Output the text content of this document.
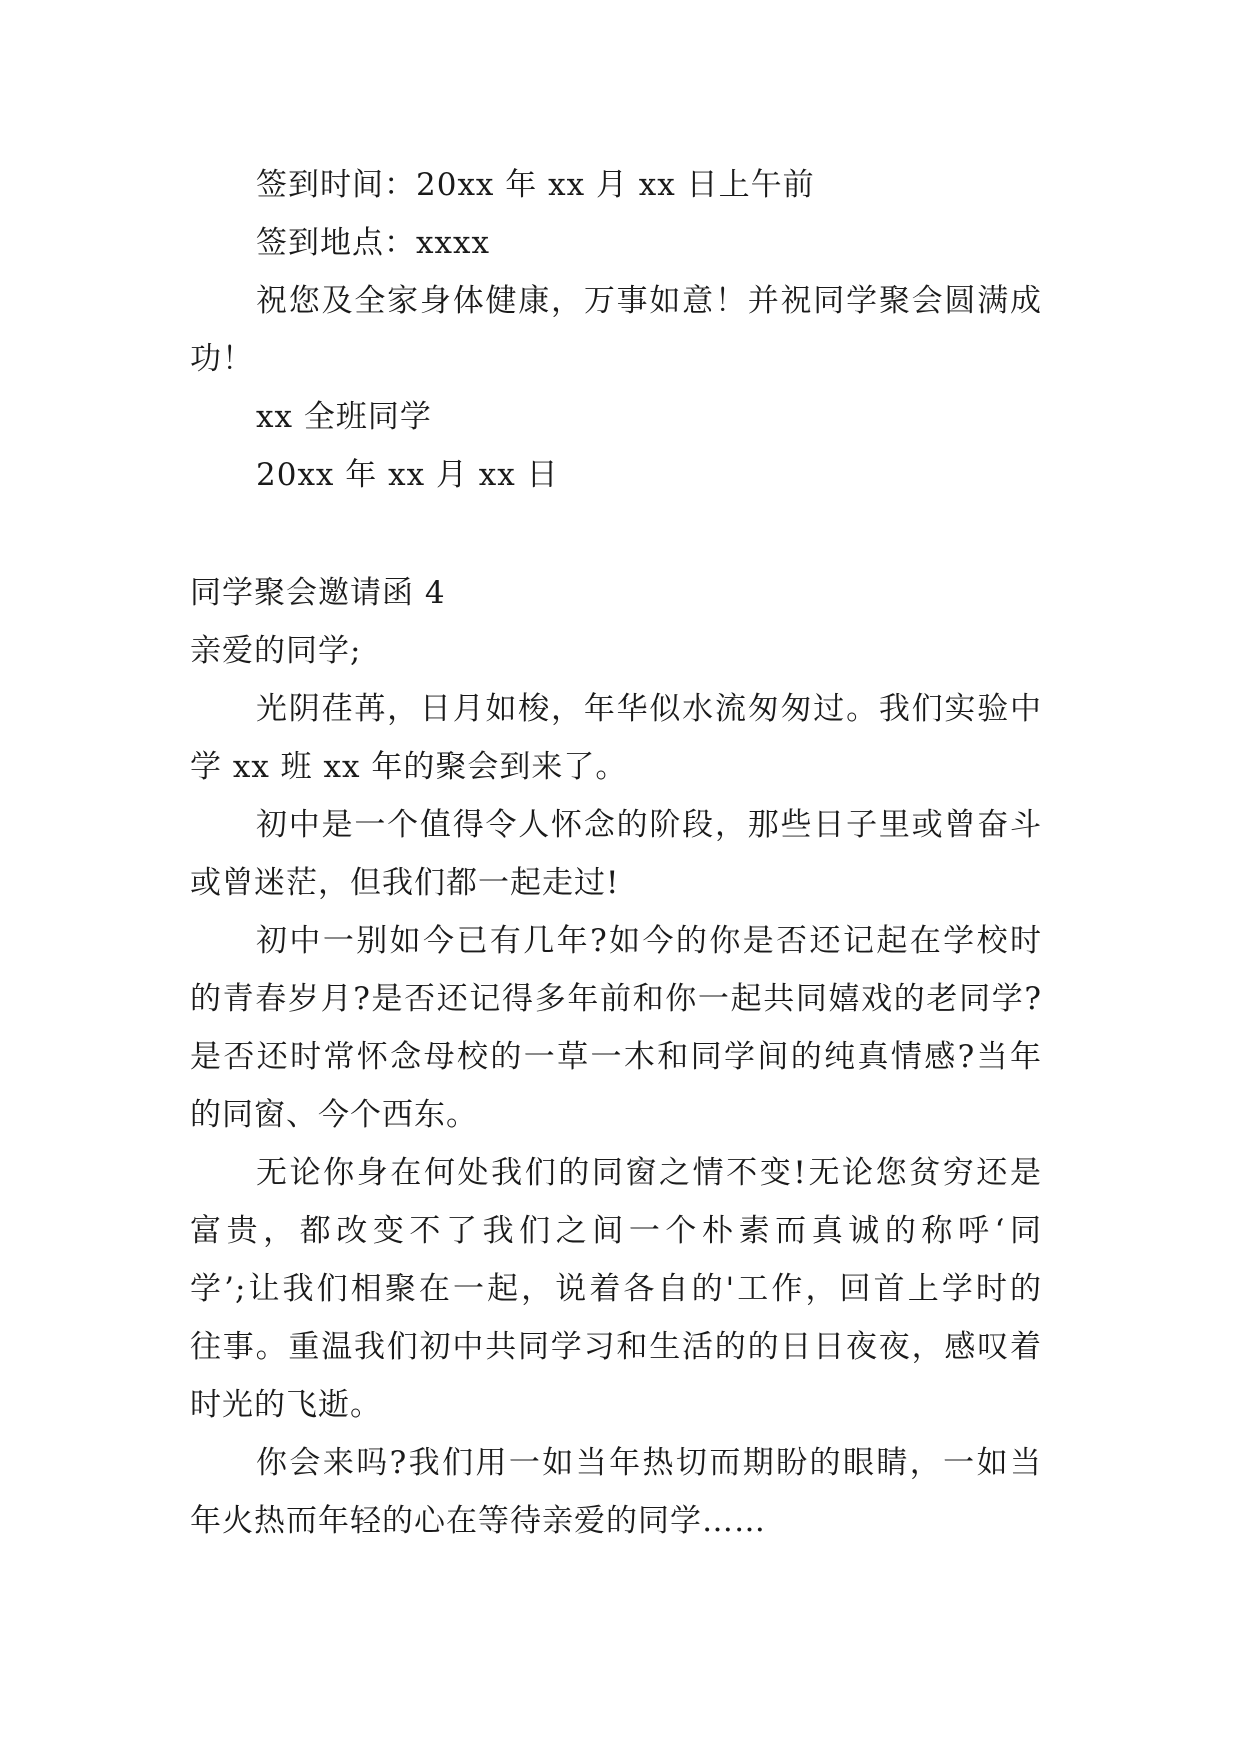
签到时间：20xx 年 xx 月 xx 日上午前
签到地点：xxxx
祝您及全家身体健康，万事如意！并祝同学聚会圆满成
功！
xx 全班同学
20xx 年 xx 月 xx 日
同学聚会邀请函 4
亲爱的同学;
光阴荏苒，日月如梭，年华似水流匆匆过。我们实验中
学 xx 班 xx 年的聚会到来了。
初中是一个值得令人怀念的阶段，那些日子里或曾奋斗
或曾迷茫，但我们都一起走过!
初中一别如今已有几年?如今的你是否还记起在学校时
的青春岁月?是否还记得多年前和你一起共同嬉戏的老同学?
是否还时常怀念母校的一草一木和同学间的纯真情感?当年
的同窗、今个西东。
无论你身在何处我们的同窗之情不变!无论您贫穷还是
富贵，都改变不了我们之间一个朴素而真诚的称呼‘同
学’;让我们相聚在一起，说着各自的'工作，回首上学时的
往事。重温我们初中共同学习和生活的的日日夜夜，感叹着
时光的飞逝。
你会来吗?我们用一如当年热切而期盼的眼睛，一如当
年火热而年轻的心在等待亲爱的同学……
